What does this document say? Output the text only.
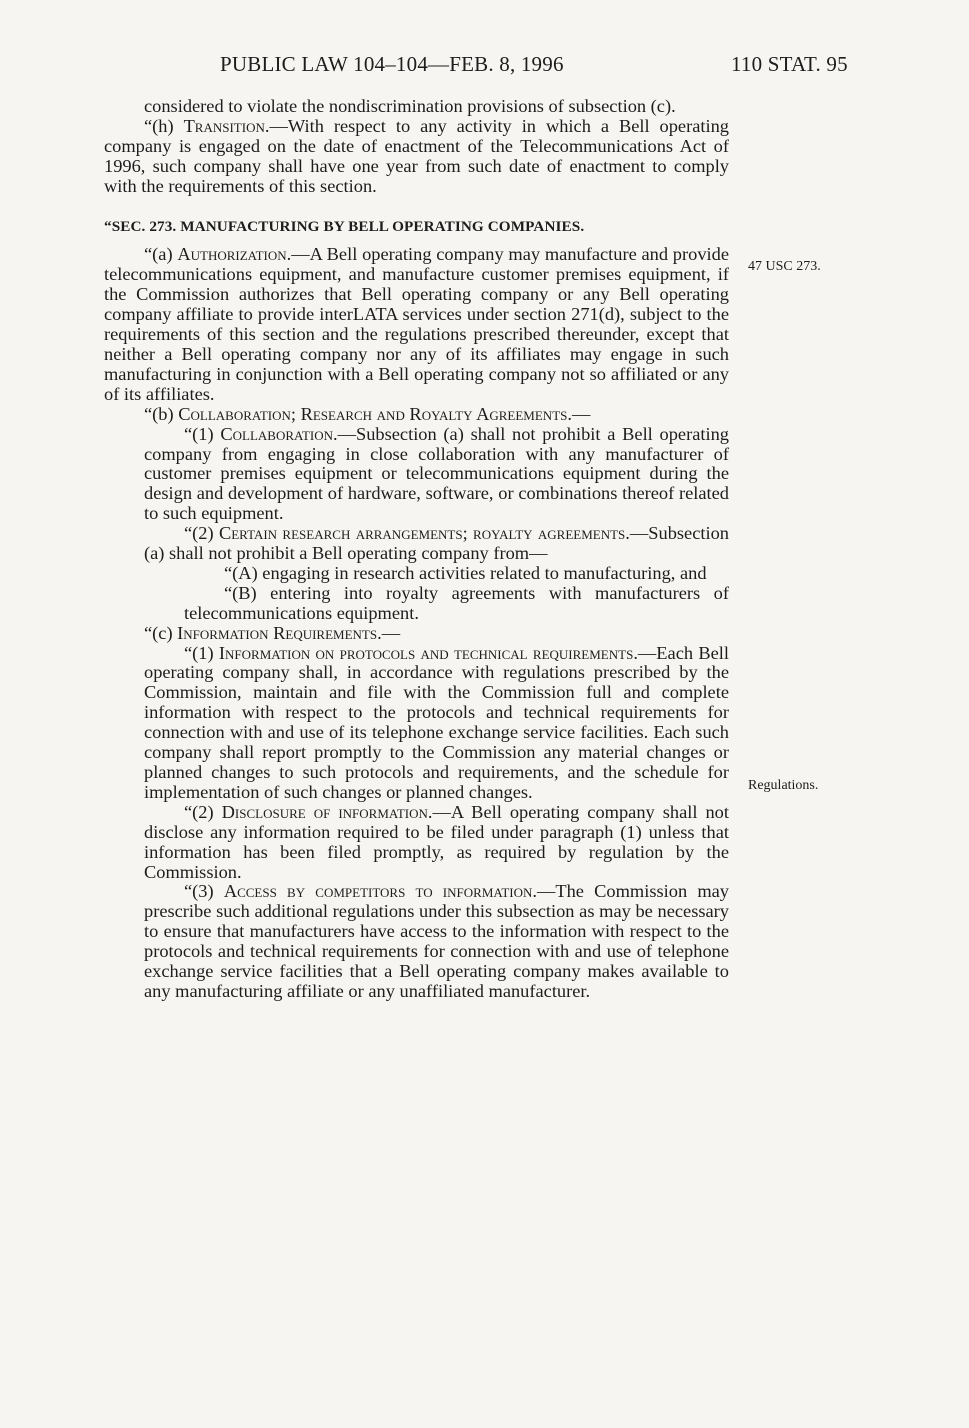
PUBLIC LAW 104–104—FEB. 8, 1996	110 STAT. 95
47 USC 273.
Regulations.

considered to violate the nondiscrimination provisions of subsection (c).

“(h) Transition.—With respect to any activity in which a Bell operating company is engaged on the date of enactment of the Telecommunications Act of 1996, such company shall have one year from such date of enactment to comply with the requirements of this section.

“SEC. 273. MANUFACTURING BY BELL OPERATING COMPANIES.

“(a) Authorization.—A Bell operating company may manufacture and provide telecommunications equipment, and manufacture customer premises equipment, if the Commission authorizes that Bell operating company or any Bell operating company affiliate to provide interLATA services under section 271(d), subject to the requirements of this section and the regulations prescribed thereunder, except that neither a Bell operating company nor any of its affiliates may engage in such manufacturing in conjunction with a Bell operating company not so affiliated or any of its affiliates.

“(b) Collaboration; Research and Royalty Agreements.—

“(1) Collaboration.—Subsection (a) shall not prohibit a Bell operating company from engaging in close collaboration with any manufacturer of customer premises equipment or telecommunications equipment during the design and development of hardware, software, or combinations thereof related to such equipment.

“(2) Certain research arrangements; royalty agreements.—Subsection (a) shall not prohibit a Bell operating company from—

“(A) engaging in research activities related to manufacturing, and

“(B) entering into royalty agreements with manufacturers of telecommunications equipment.

“(c) Information Requirements.—

“(1) Information on protocols and technical requirements.—Each Bell operating company shall, in accordance with regulations prescribed by the Commission, maintain and file with the Commission full and complete information with respect to the protocols and technical requirements for connection with and use of its telephone exchange service facilities. Each such company shall report promptly to the Commission any material changes or planned changes to such protocols and requirements, and the schedule for implementation of such changes or planned changes.

“(2) Disclosure of information.—A Bell operating company shall not disclose any information required to be filed under paragraph (1) unless that information has been filed promptly, as required by regulation by the Commission.

“(3) Access by competitors to information.—The Commission may prescribe such additional regulations under this subsection as may be necessary to ensure that manufacturers have access to the information with respect to the protocols and technical requirements for connection with and use of telephone exchange service facilities that a Bell operating company makes available to any manufacturing affiliate or any unaffiliated manufacturer.
